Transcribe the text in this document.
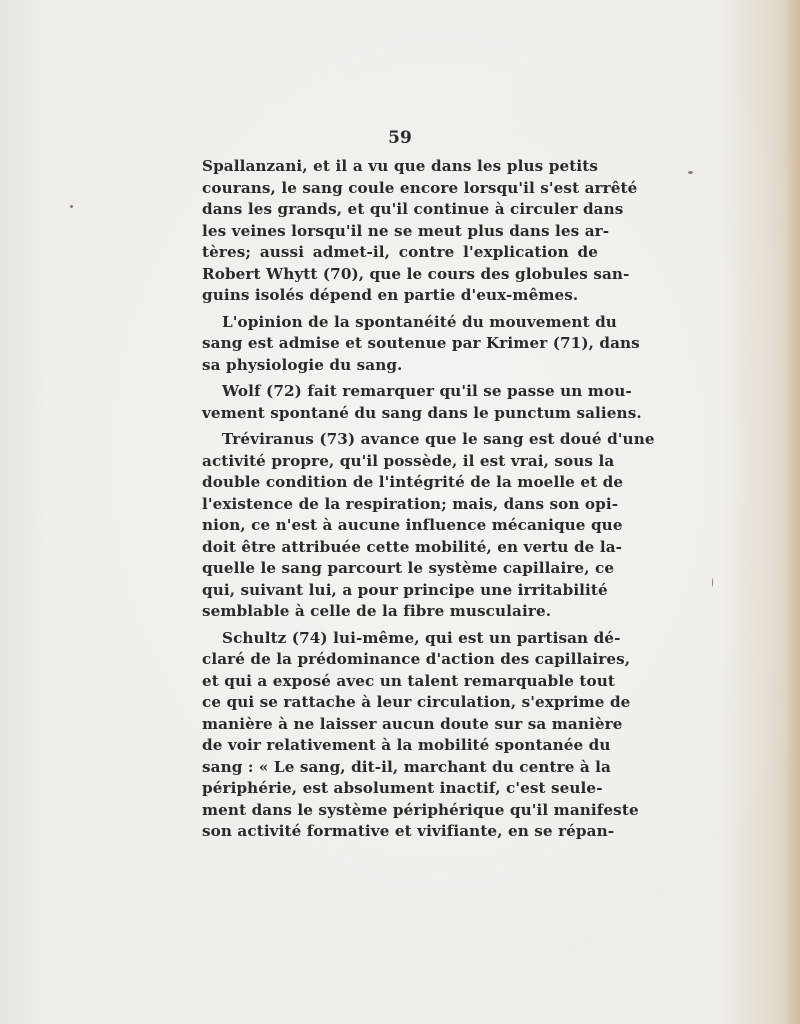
59
Spallanzani, et il a vu que dans les plus petits
courans, le sang coule encore lorsqu'il s'est arrêté
dans les grands, et qu'il continue à circuler dans
les veines lorsqu'il ne se meut plus dans les ar-
tères; aussi admet-il, contre l'explication de
Robert Whytt (70), que le cours des globules san-
guins isolés dépend en partie d'eux-mêmes.
L'opinion de la spontanéité du mouvement du
sang est admise et soutenue par Krimer (71), dans
sa physiologie du sang.
Wolf (72) fait remarquer qu'il se passe un mou-
vement spontané du sang dans le punctum saliens.
Tréviranus (73) avance que le sang est doué d'une
activité propre, qu'il possède, il est vrai, sous la
double condition de l'intégrité de la moelle et de
l'existence de la respiration; mais, dans son opi-
nion, ce n'est à aucune influence mécanique que
doit être attribuée cette mobilité, en vertu de la-
quelle le sang parcourt le système capillaire, ce
qui, suivant lui, a pour principe une irritabilité
semblable à celle de la fibre musculaire.
Schultz (74) lui-même, qui est un partisan dé-
claré de la prédominance d'action des capillaires,
et qui a exposé avec un talent remarquable tout
ce qui se rattache à leur circulation, s'exprime de
manière à ne laisser aucun doute sur sa manière
de voir relativement à la mobilité spontanée du
sang : « Le sang, dit-il, marchant du centre à la
périphérie, est absolument inactif, c'est seule-
ment dans le système périphérique qu'il manifeste
son activité formative et vivifiante, en se répan-
